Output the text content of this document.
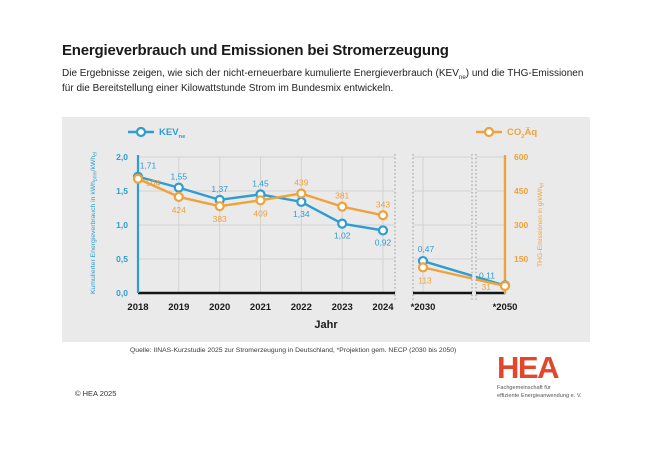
Energieverbrauch und Emissionen bei Stromerzeugung

Die Ergebnisse zeigen, wie sich der nicht-erneuerbare kumulierte Energieverbrauch $(KEV_{ne})$ und die THG-Emissionen
für die Bereitstellung einer Kilowattstunde Strom im Bundesmix entwickeln.

$KEV_{ne}$	$CO_2Äq$
2,0
1,5
1,0
0,5
0,0
600
450
300
150
2018 2019 2020 2021 2022 2023 2024 *2030	*2050
Jahr
Kumulierter Energieverbrauch in kWh$_{prim}$/kWh$_{el}$
THG-Emissionen in g/kWh$_{el}$
1,71
1,55
1,37
1,45
1,34
1,02
0,92
0,47
0,11
504
424
383
409
439
381
343
113
31
Quelle: IINAS-Kurzstudie 2025 zur Stromerzeugung in Deutschland, *Projektion gem. NECP (2030 bis 2050)
© HEA 2025
HEA
Fachgemeinschaft für
effiziente Energieanwendung e. V.
